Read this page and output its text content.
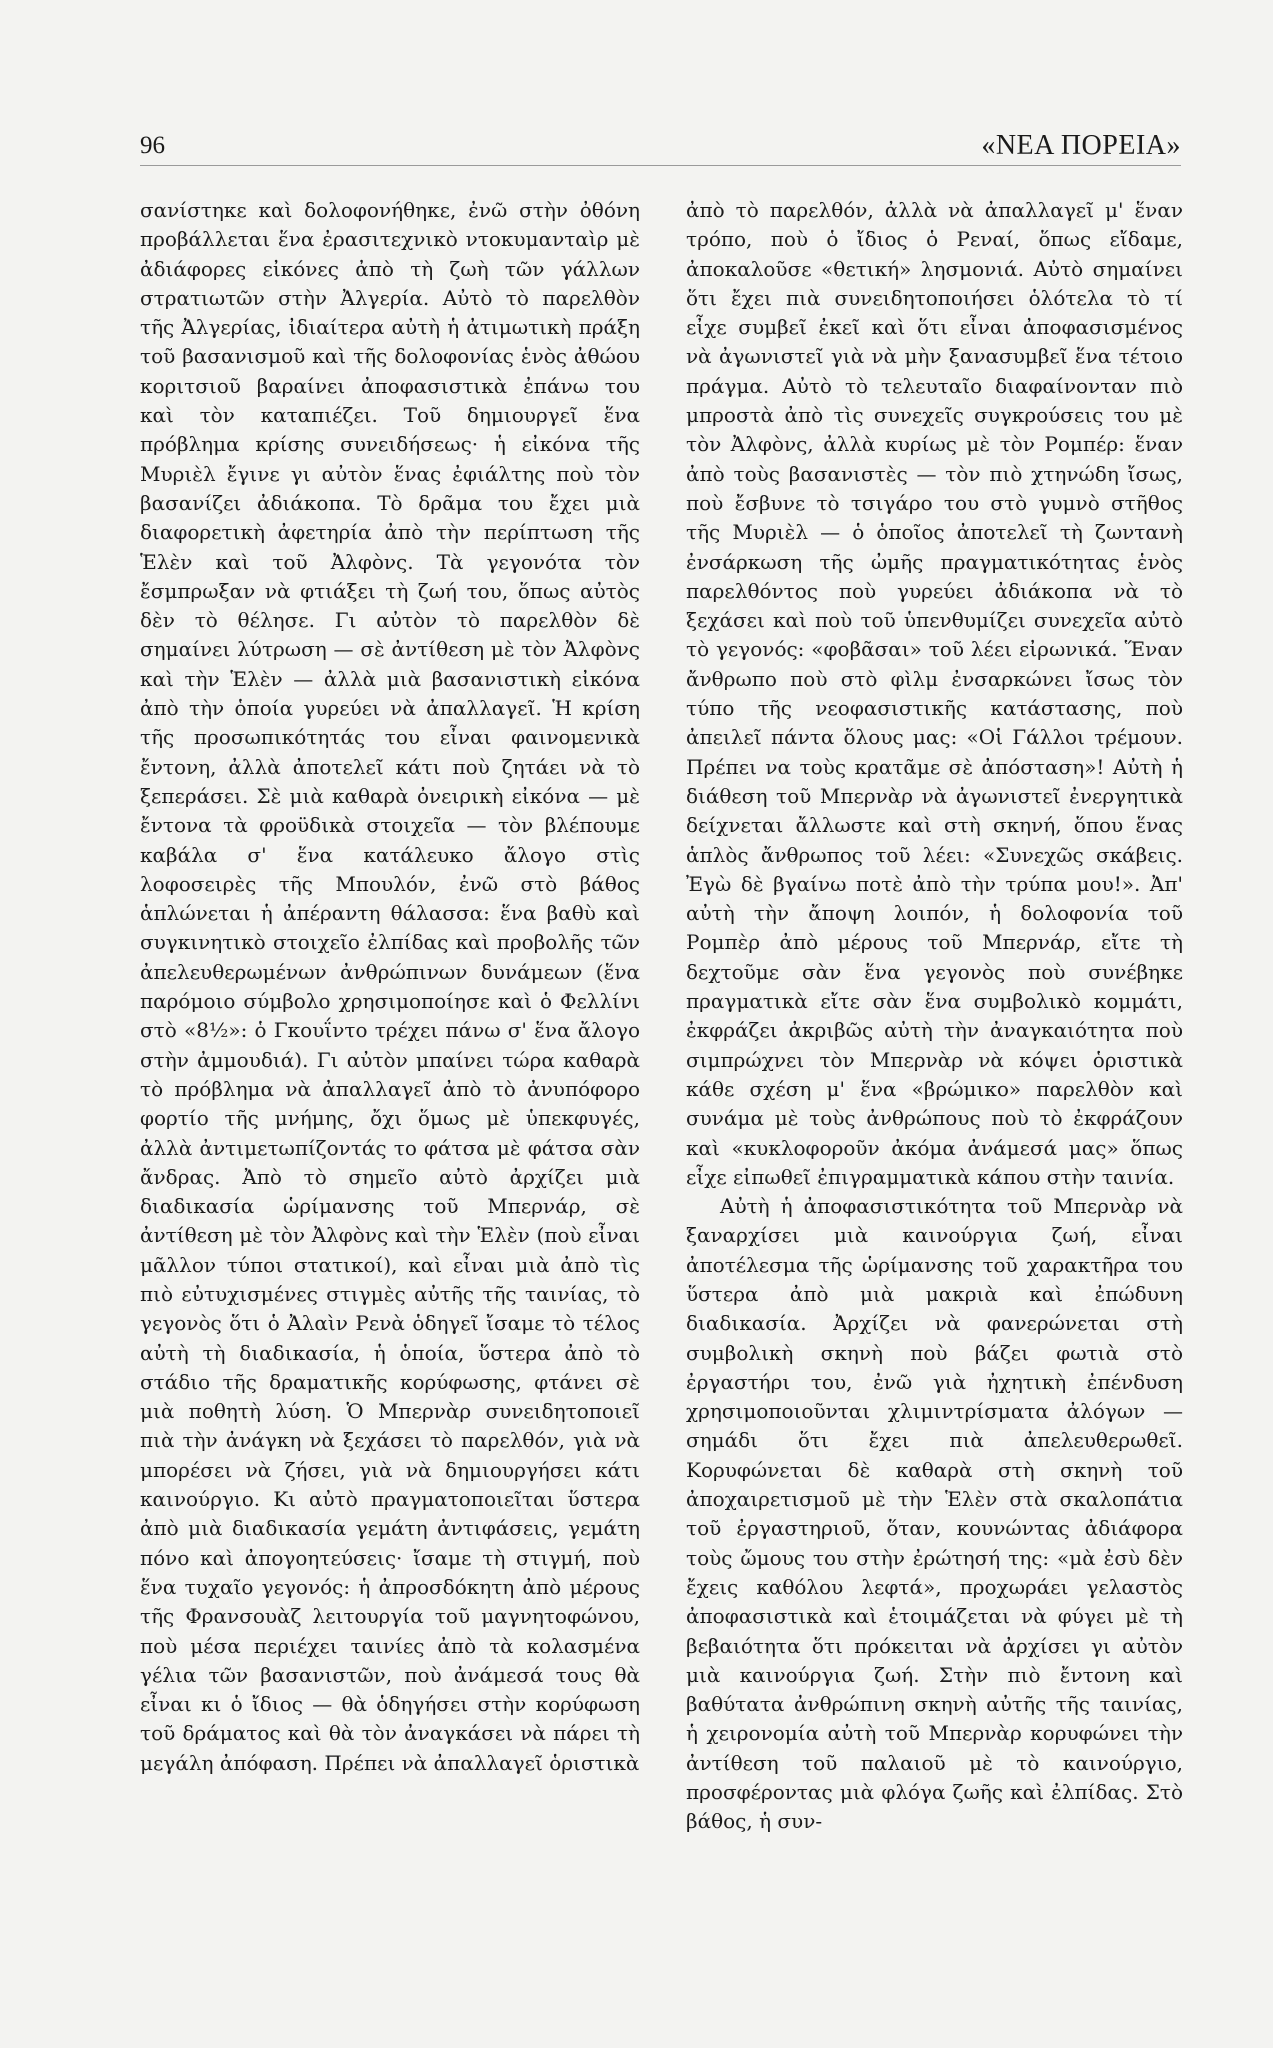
96	«ΝΕΑ ΠΟΡΕΙΑ»

σανίστηκε καὶ δολοφονήθηκε, ἐνῶ στὴν ὀθόνη προβάλλεται ἕνα ἐρασιτεχνικὸ ντοκυμανταὶρ μὲ ἀδιάφορες εἰκόνες ἀπὸ τὴ ζωὴ τῶν γάλλων στρατιωτῶν στὴν Ἀλγερία. Αὐτὸ τὸ παρελθὸν τῆς Ἀλγερίας, ἰδιαίτερα αὐτὴ ἡ ἀτιμωτικὴ πράξη τοῦ βασανισμοῦ καὶ τῆς δολοφονίας ἑνὸς ἀθώου κοριτσιοῦ βαραίνει ἀποφασιστικὰ ἐπάνω του καὶ τὸν καταπιέζει. Τοῦ δημιουργεῖ ἕνα πρόβλημα κρίσης συνειδήσεως· ἡ εἰκόνα τῆς Μυριὲλ ἔγινε γι αὐτὸν ἕνας ἐφιάλτης ποὺ τὸν βασανίζει ἀδιάκοπα. Τὸ δρᾶμα του ἔχει μιὰ διαφορετικὴ ἀφετηρία ἀπὸ τὴν περίπτωση τῆς Ἑλὲν καὶ τοῦ Ἀλφὸνς. Τὰ γεγονότα τὸν ἔσμπρωξαν νὰ φτιάξει τὴ ζωή του, ὅπως αὐτὸς δὲν τὸ θέλησε. Γι αὐτὸν τὸ παρελθὸν δὲ σημαίνει λύτρωση — σὲ ἀντίθεση μὲ τὸν Ἀλφὸνς καὶ τὴν Ἑλὲν — ἀλλὰ μιὰ βασανιστικὴ εἰκόνα ἀπὸ τὴν ὁποία γυρεύει νὰ ἀπαλλαγεῖ. Ἡ κρίση τῆς προσωπικότητάς του εἶναι φαινομενικὰ ἔντονη, ἀλλὰ ἀποτελεῖ κάτι ποὺ ζητάει νὰ τὸ ξεπεράσει. Σὲ μιὰ καθαρὰ ὀνειρικὴ εἰκόνα — μὲ ἔντονα τὰ φροϋδικὰ στοιχεῖα — τὸν βλέπουμε καβάλα σ' ἕνα κατάλευκο ἄλογο στὶς λοφοσειρὲς τῆς Μπουλόν, ἐνῶ στὸ βάθος ἁπλώνεται ἡ ἀπέραντη θάλασσα: ἕνα βαθὺ καὶ συγκινητικὸ στοιχεῖο ἐλπίδας καὶ προβολῆς τῶν ἀπελευθερωμένων ἀνθρώπινων δυνάμεων (ἕνα παρόμοιο σύμβολο χρησιμοποίησε καὶ ὁ Φελλίνι στὸ «8½»: ὁ Γκουΐντο τρέχει πάνω σ' ἕνα ἄλογο στὴν ἀμμουδιά). Γι αὐτὸν μπαίνει τώρα καθαρὰ τὸ πρόβλημα νὰ ἀπαλλαγεῖ ἀπὸ τὸ ἀνυπόφορο φορτίο τῆς μνήμης, ὄχι ὅμως μὲ ὑπεκφυγές, ἀλλὰ ἀντιμετωπίζοντάς το φάτσα μὲ φάτσα σὰν ἄνδρας. Ἀπὸ τὸ σημεῖο αὐτὸ ἀρχίζει μιὰ διαδικασία ὡρίμανσης τοῦ Μπερνάρ, σὲ ἀντίθεση μὲ τὸν Ἀλφὸνς καὶ τὴν Ἑλὲν (ποὺ εἶναι μᾶλλον τύποι στατικοί), καὶ εἶναι μιὰ ἀπὸ τὶς πιὸ εὐτυχισμένες στιγμὲς αὐτῆς τῆς ταινίας, τὸ γεγονὸς ὅτι ὁ Ἀλαὶν Ρενὰ ὁδηγεῖ ἴσαμε τὸ τέλος αὐτὴ τὴ διαδικασία, ἡ ὁποία, ὕστερα ἀπὸ τὸ στάδιο τῆς δραματικῆς κορύφωσης, φτάνει σὲ μιὰ ποθητὴ λύση. Ὁ Μπερνὰρ συνειδητοποιεῖ πιὰ τὴν ἀνάγκη νὰ ξεχάσει τὸ παρελθόν, γιὰ νὰ μπορέσει νὰ ζήσει, γιὰ νὰ δημιουργήσει κάτι καινούργιο. Κι αὐτὸ πραγματοποιεῖται ὕστερα ἀπὸ μιὰ διαδικασία γεμάτη ἀντιφάσεις, γεμάτη πόνο καὶ ἀπογοητεύσεις· ἴσαμε τὴ στιγμή, ποὺ ἕνα τυχαῖο γεγονός: ἡ ἀπροσδόκητη ἀπὸ μέρους τῆς Φρανσουὰζ λειτουργία τοῦ μαγνητοφώνου, ποὺ μέσα περιέχει ταινίες ἀπὸ τὰ κολασμένα γέλια τῶν βασανιστῶν, ποὺ ἀνάμεσά τους θὰ εἶναι κι ὁ ἴδιος — θὰ ὁδηγήσει στὴν κορύφωση τοῦ δράματος καὶ θὰ τὸν ἀναγκάσει νὰ πάρει τὴ μεγάλη ἀπόφαση. Πρέπει νὰ ἀπαλλαγεῖ ὁριστικὰ

ἀπὸ τὸ παρελθόν, ἀλλὰ νὰ ἀπαλλαγεῖ μ' ἕναν τρόπο, ποὺ ὁ ἴδιος ὁ Ρεναί, ὅπως εἴδαμε, ἀποκαλοῦσε «θετική» λησμονιά. Αὐτὸ σημαίνει ὅτι ἔχει πιὰ συνειδητοποιήσει ὁλότελα τὸ τί εἶχε συμβεῖ ἐκεῖ καὶ ὅτι εἶναι ἀποφασισμένος νὰ ἀγωνιστεῖ γιὰ νὰ μὴν ξανασυμβεῖ ἕνα τέτοιο πράγμα. Αὐτὸ τὸ τελευταῖο διαφαίνονταν πιὸ μπροστὰ ἀπὸ τὶς συνεχεῖς συγκρούσεις του μὲ τὸν Ἀλφὸνς, ἀλλὰ κυρίως μὲ τὸν Ρομπέρ: ἕναν ἀπὸ τοὺς βασανιστὲς — τὸν πιὸ χτηνώδη ἴσως, ποὺ ἔσβυνε τὸ τσιγάρο του στὸ γυμνὸ στῆθος τῆς Μυριὲλ — ὁ ὁποῖος ἀποτελεῖ τὴ ζωντανὴ ἐνσάρκωση τῆς ὠμῆς πραγματικότητας ἑνὸς παρελθόντος ποὺ γυρεύει ἀδιάκοπα νὰ τὸ ξεχάσει καὶ ποὺ τοῦ ὑπενθυμίζει συνεχεῖα αὐτὸ τὸ γεγονός: «φοβᾶσαι» τοῦ λέει εἰρωνικά. Ἕναν ἄνθρωπο ποὺ στὸ φὶλμ ἐνσαρκώνει ἴσως τὸν τύπο τῆς νεοφασιστικῆς κατάστασης, ποὺ ἀπειλεῖ πάντα ὅλους μας: «Οἱ Γάλλοι τρέμουν. Πρέπει να τοὺς κρατᾶμε σὲ ἀπόσταση»! Αὐτὴ ἡ διάθεση τοῦ Μπερνὰρ νὰ ἀγωνιστεῖ ἐνεργητικὰ δείχνεται ἄλλωστε καὶ στὴ σκηνή, ὅπου ἕνας ἁπλὸς ἄνθρωπος τοῦ λέει: «Συνεχῶς σκάβεις. Ἐγὼ δὲ βγαίνω ποτὲ ἀπὸ τὴν τρύπα μου!». Ἀπ' αὐτὴ τὴν ἄποψη λοιπόν, ἡ δολοφονία τοῦ Ρομπὲρ ἀπὸ μέρους τοῦ Μπερνάρ, εἴτε τὴ δεχτοῦμε σὰν ἕνα γεγονὸς ποὺ συνέβηκε πραγματικὰ εἴτε σὰν ἕνα συμβολικὸ κομμάτι, ἐκφράζει ἀκριβῶς αὐτὴ τὴν ἀναγκαιότητα ποὺ σιμπρώχνει τὸν Μπερνὰρ νὰ κόψει ὁριστικὰ κάθε σχέση μ' ἕνα «βρώμικο» παρελθὸν καὶ συνάμα μὲ τοὺς ἀνθρώπους ποὺ τὸ ἐκφράζουν καὶ «κυκλοφοροῦν ἀκόμα ἀνάμεσά μας» ὅπως εἶχε εἰπωθεῖ ἐπιγραμματικὰ κάπου στὴν ταινία.

Αὐτὴ ἡ ἀποφασιστικότητα τοῦ Μπερνὰρ νὰ ξαναρχίσει μιὰ καινούργια ζωή, εἶναι ἀποτέλεσμα τῆς ὡρίμανσης τοῦ χαρακτῆρα του ὕστερα ἀπὸ μιὰ μακριὰ καὶ ἐπώδυνη διαδικασία. Ἀρχίζει νὰ φανερώνεται στὴ συμβολικὴ σκηνὴ ποὺ βάζει φωτιὰ στὸ ἐργαστήρι του, ἐνῶ γιὰ ἠχητικὴ ἐπένδυση χρησιμοποιοῦνται χλιμιντρίσματα ἀλόγων — σημάδι ὅτι ἔχει πιὰ ἀπελευθερωθεῖ. Κορυφώνεται δὲ καθαρὰ στὴ σκηνὴ τοῦ ἀποχαιρετισμοῦ μὲ τὴν Ἑλὲν στὰ σκαλοπάτια τοῦ ἐργαστηριοῦ, ὅταν, κουνώντας ἀδιάφορα τοὺς ὤμους του στὴν ἐρώτησή της: «μὰ ἐσὺ δὲν ἔχεις καθόλου λεφτά», προχωράει γελαστὸς ἀποφασιστικὰ καὶ ἑτοιμάζεται νὰ φύγει μὲ τὴ βεβαιότητα ὅτι πρόκειται νὰ ἀρχίσει γι αὐτὸν μιὰ καινούργια ζωή. Στὴν πιὸ ἔντονη καὶ βαθύτατα ἀνθρώπινη σκηνὴ αὐτῆς τῆς ταινίας, ἡ χειρονομία αὐτὴ τοῦ Μπερνὰρ κορυφώνει τὴν ἀντίθεση τοῦ παλαιοῦ μὲ τὸ καινούργιο, προσφέροντας μιὰ φλόγα ζωῆς καὶ ἐλπίδας. Στὸ βάθος, ἡ συν-
